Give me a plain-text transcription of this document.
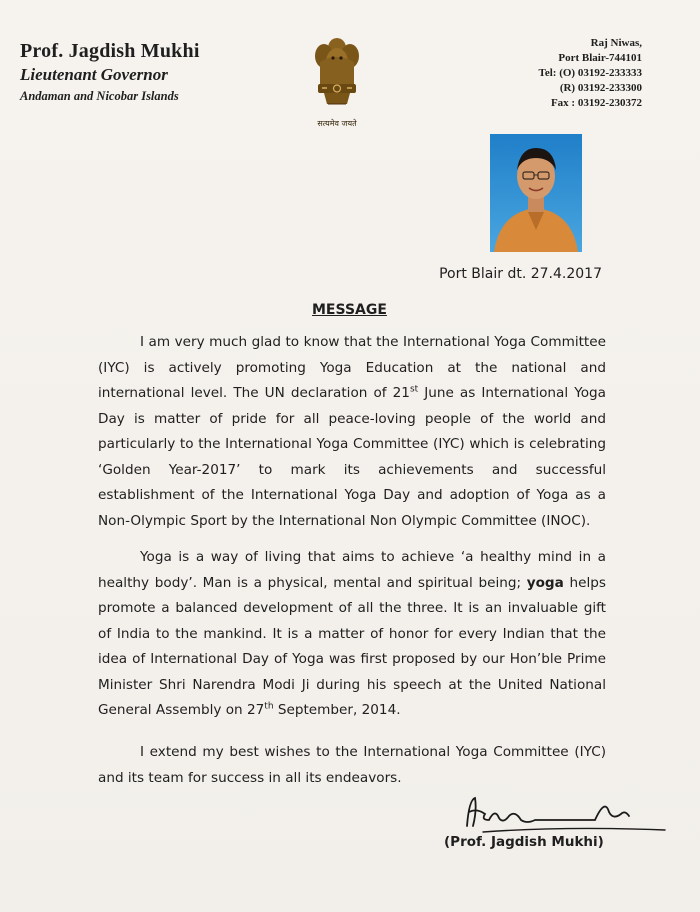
Prof. Jagdish Mukhi
Lieutenant Governor
Andaman and Nicobar Islands
सत्यमेव जयते
Raj Niwas,
Port Blair-744101
Tel: (O) 03192-233333
(R) 03192-233300
Fax : 03192-230372
Port Blair dt. 27.4.2017
MESSAGE

I am very much glad to know that the International Yoga Committee (IYC) is actively promoting Yoga Education at the national and international level. The UN declaration of 21st June as International Yoga Day is matter of pride for all peace-loving people of the world and particularly to the International Yoga Committee (IYC) which is celebrating ‘Golden Year-2017’ to mark its achievements and successful establishment of the International Yoga Day and adoption of Yoga as a Non-Olympic Sport by the International Non Olympic Committee (INOC).

Yoga is a way of living that aims to achieve ‘a healthy mind in a healthy body’. Man is a physical, mental and spiritual being; yoga helps promote a balanced development of all the three. It is an invaluable gift of India to the mankind. It is a matter of honor for every Indian that the idea of International Day of Yoga was first proposed by our Hon’ble Prime Minister Shri Narendra Modi Ji during his speech at the United National General Assembly on 27th September, 2014.

I extend my best wishes to the International Yoga Committee (IYC) and its team for success in all its endeavors.

(Prof. Jagdish Mukhi)
